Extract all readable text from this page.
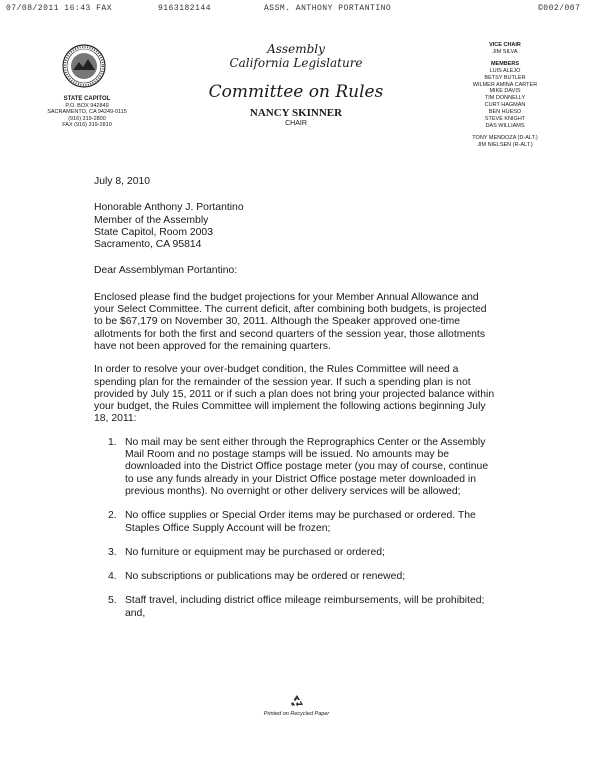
07/08/2011 16:43 FAX	9163182144	ASSM. ANTHONY PORTANTINO	©002/007
STATE CAPITOL
P.O. BOX 942849
SACRAMENTO, CA 94249-0115
(916) 319-2800
FAX (916) 319-2810
Assembly
California Legislature
Committee on Rules
NANCY SKINNER
CHAIR
VICE CHAIR
JIM SILVA
MEMBERS
LUIS ALEJO
BETSY BUTLER
WILMER AMINA CARTER
MIKE DAVIS
TIM DONNELLY
CURT HAGMAN
BEN HUESO
STEVE KNIGHT
DAS WILLIAMS
TONY MENDOZA (D-ALT.)
JIM NIELSEN (R-ALT.)

July 8, 2010

Honorable Anthony J. Portantino
Member of the Assembly
State Capitol, Room 2003
Sacramento, CA 95814

Dear Assemblyman Portantino:

Enclosed please find the budget projections for your Member Annual Allowance and your Select Committee. The current deficit, after combining both budgets, is projected to be $67,179 on November 30, 2011. Although the Speaker approved one-time allotments for both the first and second quarters of the session year, those allotments have not been approved for the remaining quarters.

In order to resolve your over-budget condition, the Rules Committee will need a spending plan for the remainder of the session year. If such a spending plan is not provided by July 15, 2011 or if such a plan does not bring your projected balance within your budget, the Rules Committee will implement the following actions beginning July 18, 2011:

1. No mail may be sent either through the Reprographics Center or the Assembly Mail Room and no postage stamps will be issued. No amounts may be downloaded into the District Office postage meter (you may of course, continue to use any funds already in your District Office postage meter downloaded in previous months). No overnight or other delivery services will be allowed;
2. No office supplies or Special Order items may be purchased or ordered. The Staples Office Supply Account will be frozen;
3. No furniture or equipment may be purchased or ordered;
4. No subscriptions or publications may be ordered or renewed;
5. Staff travel, including district office mileage reimbursements, will be prohibited; and,
Printed on Recycled Paper
